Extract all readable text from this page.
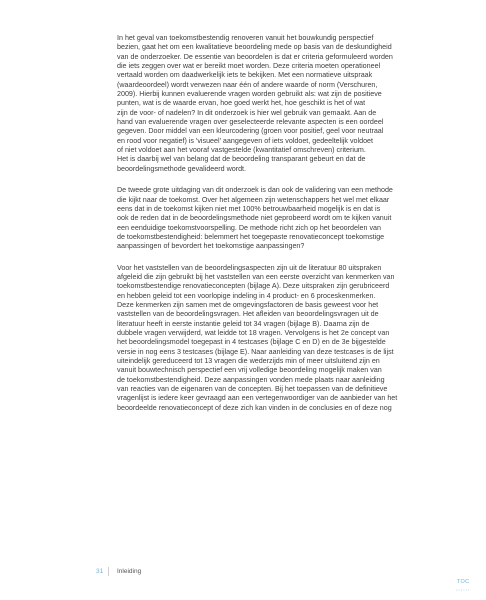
In het geval van toekomstbestendig renoveren vanuit het bouwkundig perspectief
bezien, gaat het om een kwalitatieve beoordeling mede op basis van de deskundigheid
van de onderzoeker. De essentie van beoordelen is dat er criteria geformuleerd worden
die iets zeggen over wat er bereikt moet worden. Deze criteria moeten operationeel
vertaald worden om daadwerkelijk iets te bekijken. Met een normatieve uitspraak
(waardeoordeel) wordt verwezen naar één of andere waarde of norm (Verschuren,
2009). Hierbij kunnen evaluerende vragen worden gebruikt als: wat zijn de positieve
punten, wat is de waarde ervan, hoe goed werkt het, hoe geschikt is het of wat
zijn de voor- of nadelen? In dit onderzoek is hier wel gebruik van gemaakt. Aan de
hand van evaluerende vragen over geselecteerde relevante aspecten is een oordeel
gegeven. Door middel van een kleurcodering (groen voor positief, geel voor neutraal
en rood voor negatief) is 'visueel' aangegeven of iets voldoet, gedeeltelijk voldoet
of niet voldoet aan het vooraf vastgestelde (kwantitatief omschreven) criterium.
Het is daarbij wel van belang dat de beoordeling transparant gebeurt en dat de
beoordelingsmethode gevalideerd wordt.

De tweede grote uitdaging van dit onderzoek is dan ook de validering van een methode
die kijkt naar de toekomst. Over het algemeen zijn wetenschappers het wel met elkaar
eens dat in de toekomst kijken niet met 100% betrouwbaarheid mogelijk is en dat is
ook de reden dat in de beoordelingsmethode niet geprobeerd wordt om te kijken vanuit
een eenduidige toekomstvoorspelling. De methode richt zich op het beoordelen van
de toekomstbestendigheid: belemmert het toegepaste renovatieconcept toekomstige
aanpassingen of bevordert het toekomstige aanpassingen?

Voor het vaststellen van de beoordelingsaspecten zijn uit de literatuur 80 uitspraken
afgeleid die zijn gebruikt bij het vaststellen van een eerste overzicht van kenmerken van
toekomstbestendige renovatieconcepten (bijlage A). Deze uitspraken zijn gerubriceerd
en hebben geleid tot een voorlopige indeling in 4 product- en 6 proceskenmerken.
Deze kenmerken zijn samen met de omgevingsfactoren de basis geweest voor het
vaststellen van de beoordelingsvragen. Het afleiden van beoordelingsvragen uit de
literatuur heeft in eerste instantie geleid tot 34 vragen (bijlage B). Daarna zijn de
dubbele vragen verwijderd, wat leidde tot 18 vragen. Vervolgens is het 2e concept van
het beoordelingsmodel toegepast in 4 testcases (bijlage C en D) en de 3e bijgestelde
versie in nog eens 3 testcases (bijlage E). Naar aanleiding van deze testcases is de lijst
uiteindelijk gereduceerd tot 13 vragen die wederzijds min of meer uitsluitend zijn en
vanuit bouwtechnisch perspectief een vrij volledige beoordeling mogelijk maken van
de toekomstbestendigheid. Deze aanpassingen vonden mede plaats naar aanleiding
van reacties van de eigenaren van de concepten. Bij het toepassen van de definitieve
vragenlijst is iedere keer gevraagd aan een vertegenwoordiger van de aanbieder van het
beoordeelde renovatieconcept of deze zich kan vinden in de conclusies en of deze nog

31 Inleiding
TOC
••••••
